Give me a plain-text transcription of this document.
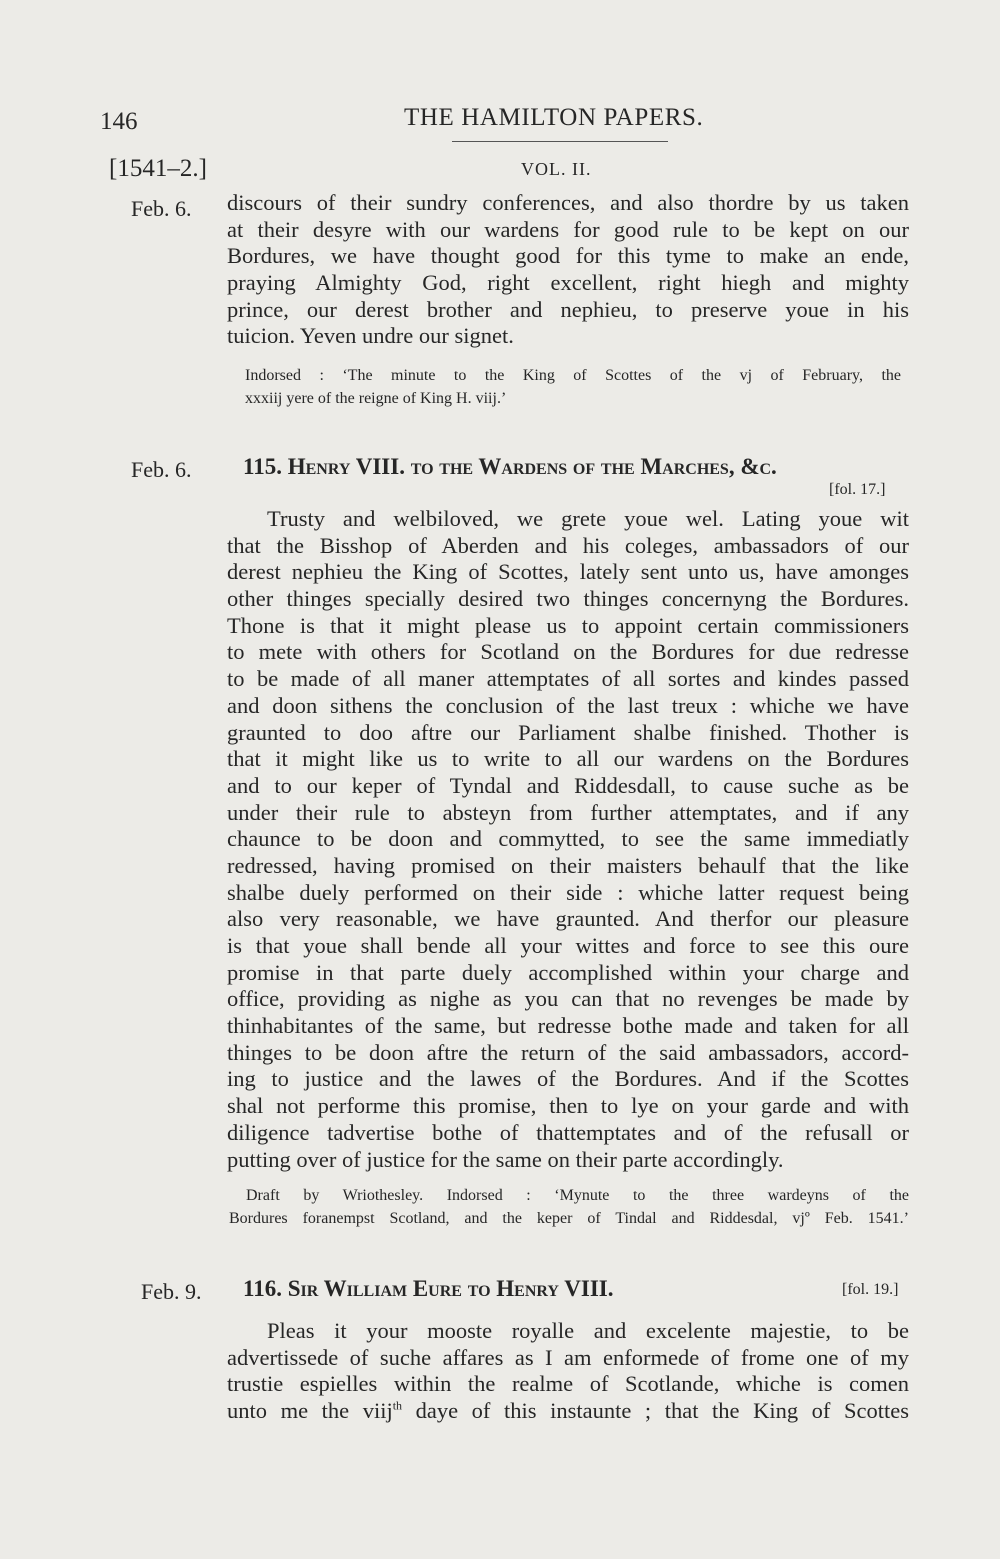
146	THE HAMILTON PAPERS.
[1541–2.]	VOL. II.
Feb. 6. discours of their sundry conferences, and also thordre by us taken
at their desyre with our wardens for good rule to be kept on our
Bordures, we have thought good for this tyme to make an ende,
praying Almighty God, right excellent, right hiegh and mighty
prince, our derest brother and nephieu, to preserve youe in his
tuicion. Yeven undre our signet.
Indorsed : ‘The minute to the King of Scottes of the vj of February, the
xxxiij yere of the reigne of King H. viij.’
Feb. 6. 115. Henry VIII. to the Wardens of the Marches, &c.
[fol. 17.]
Trusty and welbiloved, we grete youe wel. Lating youe wit
that the Bisshop of Aberden and his coleges, ambassadors of our
derest nephieu the King of Scottes, lately sent unto us, have amonges
other thinges specially desired two thinges concernyng the Bordures.
Thone is that it might please us to appoint certain commissioners
to mete with others for Scotland on the Bordures for due redresse
to be made of all maner attemptates of all sortes and kindes passed
and doon sithens the conclusion of the last treux : whiche we have
graunted to doo aftre our Parliament shalbe finished. Thother is
that it might like us to write to all our wardens on the Bordures
and to our keper of Tyndal and Riddesdall, to cause suche as be
under their rule to absteyn from further attemptates, and if any
chaunce to be doon and commytted, to see the same immediatly
redressed, having promised on their maisters behaulf that the like
shalbe duely performed on their side : whiche latter request being
also very reasonable, we have graunted. And therfor our pleasure
is that youe shall bende all your wittes and force to see this oure
promise in that parte duely accomplished within your charge and
office, providing as nighe as you can that no revenges be made by
thinhabitantes of the same, but redresse bothe made and taken for all
thinges to be doon aftre the return of the said ambassadors, accord-
ing to justice and the lawes of the Bordures. And if the Scottes
shal not performe this promise, then to lye on your garde and with
diligence tadvertise bothe of thattemptates and of the refusall or
putting over of justice for the same on their parte accordingly.
Draft by Wriothesley. Indorsed : ‘Mynute to the three wardeyns of the
Bordures foranempst Scotland, and the keper of Tindal and Riddesdal, vjº Feb. 1541.’
Feb. 9. 116. Sir William Eure to Henry VIII.	[fol. 19.]
Pleas it your mooste royalle and excelente majestie, to be
advertissede of suche affares as I am enformede of frome one of my
trustie espielles within the realme of Scotlande, whiche is comen
unto me the viij$^{th}$ daye of this instaunte ; that the King of Scottes
